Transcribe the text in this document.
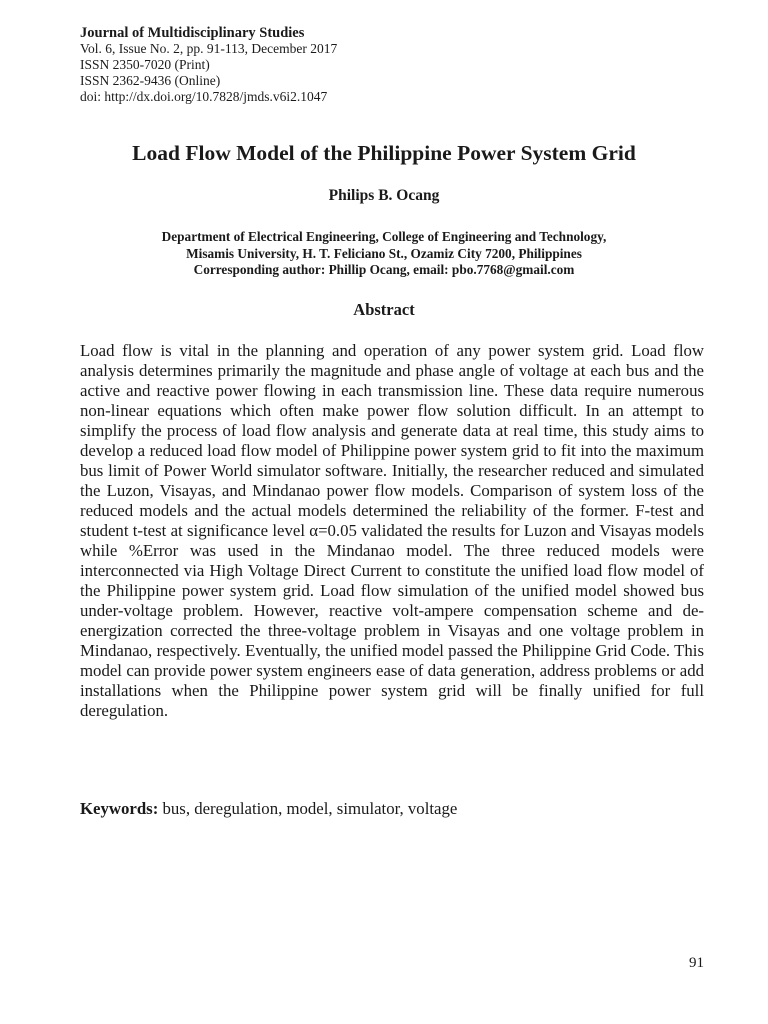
Journal of Multidisciplinary Studies
Vol. 6, Issue No. 2, pp. 91-113, December 2017
ISSN 2350-7020 (Print)
ISSN 2362-9436 (Online)
doi: http://dx.doi.org/10.7828/jmds.v6i2.1047
Load Flow Model of the Philippine Power System Grid
Philips B. Ocang
Department of Electrical Engineering, College of Engineering and Technology,
Misamis University, H. T. Feliciano St., Ozamiz City 7200, Philippines
Corresponding author: Phillip Ocang, email: pbo.7768@gmail.com
Abstract
Load flow is vital in the planning and operation of any power system grid. Load flow analysis determines primarily the magnitude and phase angle of voltage at each bus and the active and reactive power flowing in each transmission line. These data require numerous non-linear equations which often make power flow solution difficult. In an attempt to simplify the process of load flow analysis and generate data at real time, this study aims to develop a reduced load flow model of Philippine power system grid to fit into the maximum bus limit of Power World simulator software. Initially, the researcher reduced and simulated the Luzon, Visayas, and Mindanao power flow models. Comparison of system loss of the reduced models and the actual models determined the reliability of the former. F-test and student t-test at significance level α=0.05 validated the results for Luzon and Visayas models while %Error was used in the Mindanao model. The three reduced models were interconnected via High Voltage Direct Current to constitute the unified load flow model of the Philippine power system grid. Load flow simulation of the unified model showed bus under-voltage problem. However, reactive volt-ampere compensation scheme and de-energization corrected the three-voltage problem in Visayas and one voltage problem in Mindanao, respectively. Eventually, the unified model passed the Philippine Grid Code. This model can provide power system engineers ease of data generation, address problems or add installations when the Philippine power system grid will be finally unified for full deregulation.
Keywords: bus, deregulation, model, simulator, voltage
91
